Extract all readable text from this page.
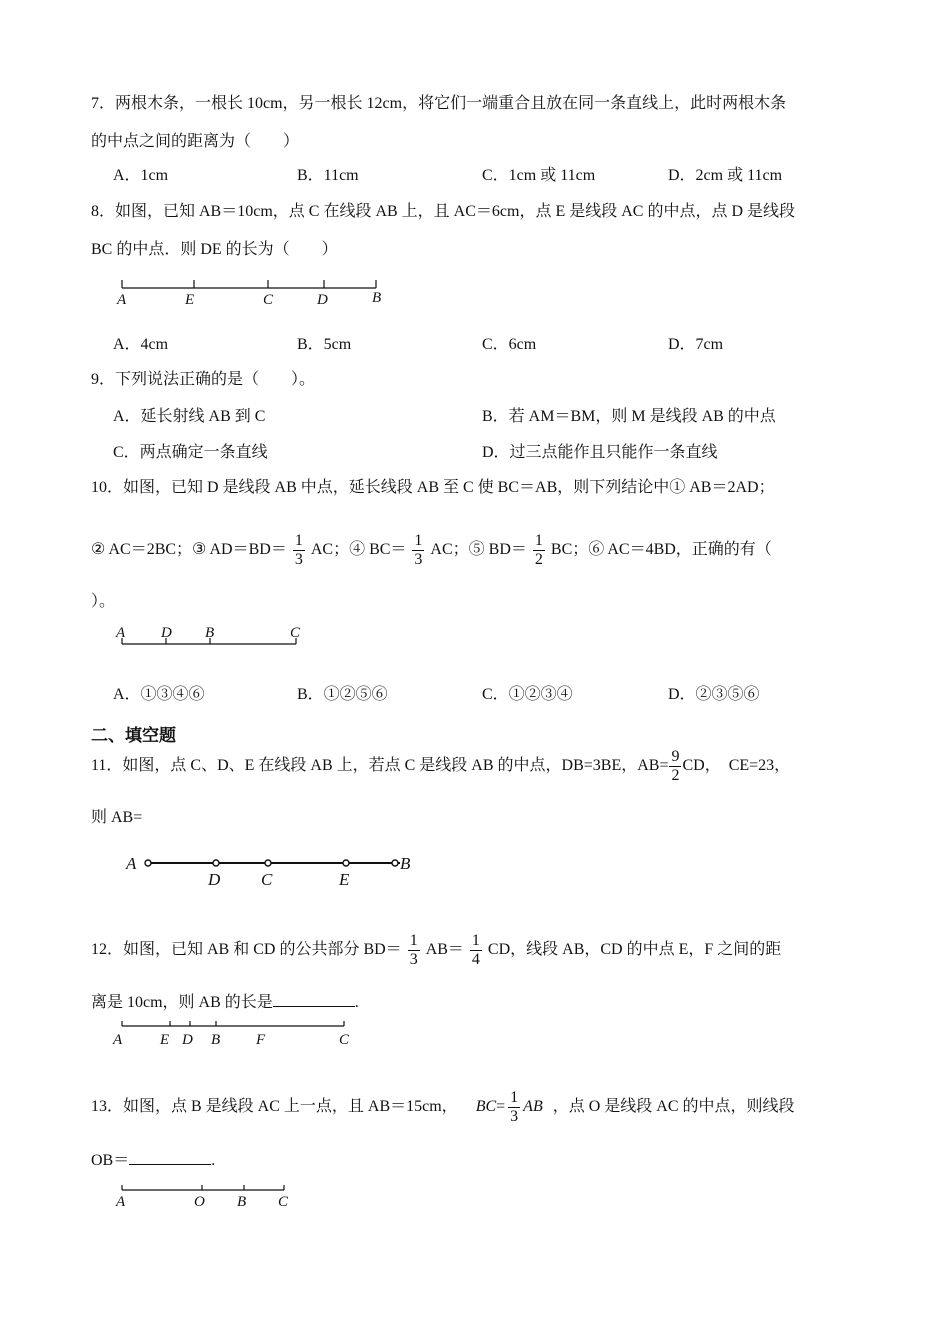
7．两根木条，一根长 10cm，另一根长 12cm，将它们一端重合且放在同一条直线上，此时两根木条
的中点之间的距离为（　　）
A．1cm	B．11cm	C．1cm 或 11cm	D．2cm 或 11cm
8．如图，已知 AB＝10cm，点 C 在线段 AB 上，且 AC＝6cm，点 E 是线段 AC 的中点，点 D 是线段
BC 的中点．则 DE 的长为（　　）
A	E	C	D	B
A．4cm	B．5cm	C．6cm	D．7cm
9．下列说法正确的是（　　）。
A．延长射线 AB 到 C	B．若 AM＝BM，则 M 是线段 AB 的中点
C．两点确定一条直线	D．过三点能作且只能作一条直线
10．如图，已知 D 是线段 AB 中点，延长线段 AB 至 C 使 BC＝AB，则下列结论中① AB＝2AD；
② AC＝2BC；③ $AD=BD= \frac{1}{3}$ AC；④ $BC= \frac{1}{3}$ AC；⑤ $BD= \frac{1}{2}$ BC；⑥ AC＝4BD，正确的有（
）。
A D B	C
A．①③④⑥	B．①②⑤⑥	C．①②③④	D．②③⑤⑥
二、填空题
11．如图，点 C、D、E 在线段 AB 上，若点 C 是线段 AB 的中点，DB=3BE，$AB= \frac{9}{2}$ CD，　CE=23，
则 AB=
A
D C	E
B
12．如图，已知 AB 和 CD 的公共部分 $BD= \frac{1}{3} AB= \frac{1}{4}$ CD，线段 AB，CD 的中点 E，F 之间的距
离是 10cm，则 AB 的长是	.
A	E D B F	C
13．如图，点 B 是线段 AC 上一点，且 AB＝15cm， $BC= \frac{1}{3}$ AB ，点 O 是线段 AC 的中点，则线段
OB＝	.
A	O B C
